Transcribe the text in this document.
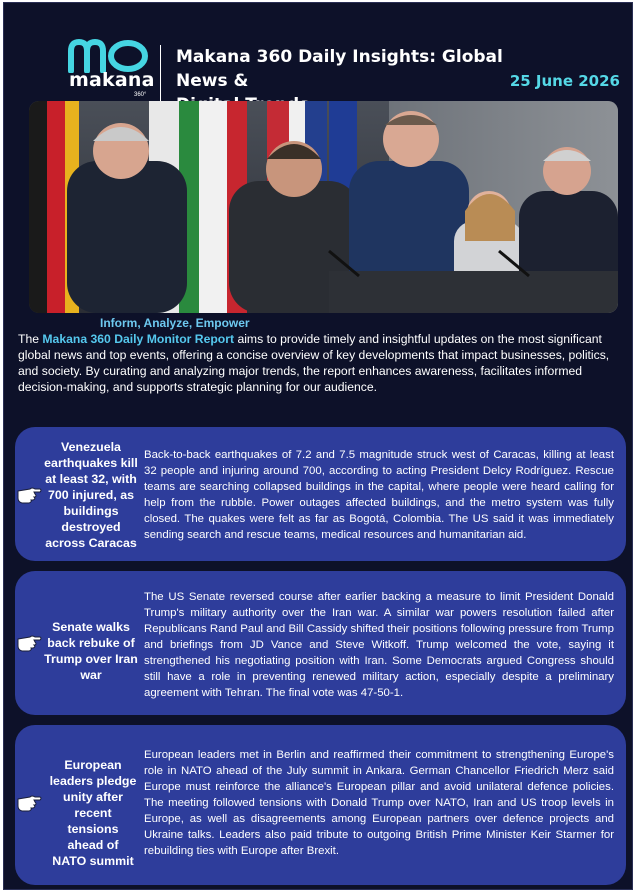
makana
360°
Makana 360 Daily Insights: Global News &	25 June 2026
Inform, Analyze, Empower

The Makana 360 Daily Monitor Report aims to provide timely and insightful updates on the most significant global news and top events, offering a concise overview of key developments that impact businesses, politics, and society. By curating and analyzing major trends, the report enhances awareness, facilitates informed decision-making, and supports strategic planning for our audience.

Venezuela earthquakes kill at least 32, with 700 injured, as buildings destroyed across Caracas
Back-to-back earthquakes of 7.2 and 7.5 magnitude struck west of Caracas, killing at least 32 people and injuring around 700, according to acting President Delcy Rodríguez. Rescue teams are searching collapsed buildings in the capital, where people were heard calling for help from the rubble. Power outages affected buildings, and the metro system was fully closed. The quakes were felt as far as Bogotá, Colombia. The US said it was immediately sending search and rescue teams, medical resources and humanitarian aid.
Senate walks back rebuke of Trump over Iran war
The US Senate reversed course after earlier backing a measure to limit President Donald Trump's military authority over the Iran war. A similar war powers resolution failed after Republicans Rand Paul and Bill Cassidy shifted their positions following pressure from Trump and briefings from JD Vance and Steve Witkoff. Trump welcomed the vote, saying it strengthened his negotiating position with Iran. Some Democrats argued Congress should still have a role in preventing renewed military action, especially despite a preliminary agreement with Tehran. The final vote was 47-50-1.
European leaders pledge unity after recent tensions ahead of NATO summit
European leaders met in Berlin and reaffirmed their commitment to strengthening Europe's role in NATO ahead of the July summit in Ankara. German Chancellor Friedrich Merz said Europe must reinforce the alliance's European pillar and avoid unilateral defence policies. The meeting followed tensions with Donald Trump over NATO, Iran and US troop levels in Europe, as well as disagreements among European partners over defence projects and Ukraine talks. Leaders also paid tribute to outgoing British Prime Minister Keir Starmer for rebuilding ties with Europe after Brexit.
